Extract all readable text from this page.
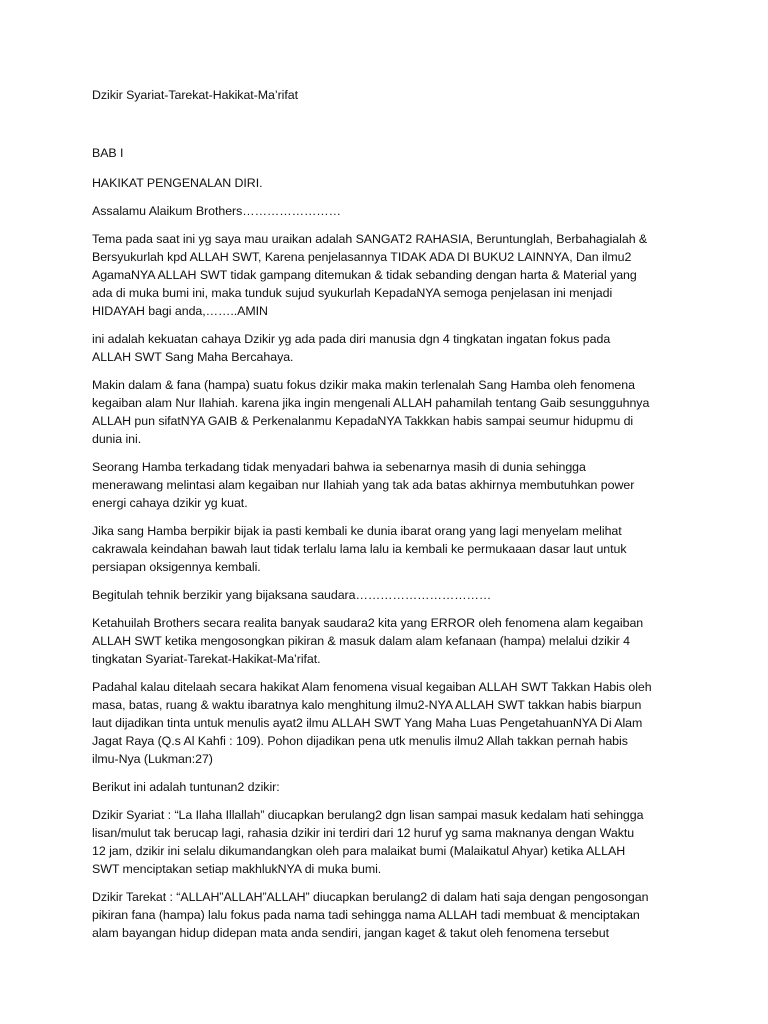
Dzikir Syariat-Tarekat-Hakikat-Ma’rifat
BAB I
HAKIKAT PENGENALAN DIRI.
Assalamu Alaikum Brothers……………………
Tema pada saat ini yg saya mau uraikan adalah SANGAT2 RAHASIA, Beruntunglah, Berbahagialah &
Bersyukurlah kpd ALLAH SWT, Karena penjelasannya TIDAK ADA DI BUKU2 LAINNYA, Dan ilmu2
AgamaNYA ALLAH SWT tidak gampang ditemukan & tidak sebanding dengan harta & Material yang
ada di muka bumi ini, maka tunduk sujud syukurlah KepadaNYA semoga penjelasan ini menjadi
HIDAYAH bagi anda,……..AMIN
ini adalah kekuatan cahaya Dzikir yg ada pada diri manusia dgn 4 tingkatan ingatan fokus pada
ALLAH SWT Sang Maha Bercahaya.
Makin dalam & fana (hampa) suatu fokus dzikir maka makin terlenalah Sang Hamba oleh fenomena
kegaiban alam Nur Ilahiah. karena jika ingin mengenali ALLAH pahamilah tentang Gaib sesungguhnya
ALLAH pun sifatNYA GAIB & Perkenalanmu KepadaNYA Takkkan habis sampai seumur hidupmu di
dunia ini.
Seorang Hamba terkadang tidak menyadari bahwa ia sebenarnya masih di dunia sehingga
menerawang melintasi alam kegaiban nur Ilahiah yang tak ada batas akhirnya membutuhkan power
energi cahaya dzikir yg kuat.
Jika sang Hamba berpikir bijak ia pasti kembali ke dunia ibarat orang yang lagi menyelam melihat
cakrawala keindahan bawah laut tidak terlalu lama lalu ia kembali ke permukaaan dasar laut untuk
persiapan oksigennya kembali.
Begitulah tehnik berzikir yang bijaksana saudara……………………………
Ketahuilah Brothers secara realita banyak saudara2 kita yang ERROR oleh fenomena alam kegaiban
ALLAH SWT ketika mengosongkan pikiran & masuk dalam alam kefanaan (hampa) melalui dzikir 4
tingkatan Syariat-Tarekat-Hakikat-Ma’rifat.
Padahal kalau ditelaah secara hakikat Alam fenomena visual kegaiban ALLAH SWT Takkan Habis oleh
masa, batas, ruang & waktu ibaratnya kalo menghitung ilmu2-NYA ALLAH SWT takkan habis biarpun
laut dijadikan tinta untuk menulis ayat2 ilmu ALLAH SWT Yang Maha Luas PengetahuanNYA Di Alam
Jagat Raya (Q.s Al Kahfi : 109). Pohon dijadikan pena utk menulis ilmu2 Allah takkan pernah habis
ilmu-Nya (Lukman:27)
Berikut ini adalah tuntunan2 dzikir:
Dzikir Syariat : “La Ilaha Illallah” diucapkan berulang2 dgn lisan sampai masuk kedalam hati sehingga
lisan/mulut tak berucap lagi, rahasia dzikir ini terdiri dari 12 huruf yg sama maknanya dengan Waktu
12 jam, dzikir ini selalu dikumandangkan oleh para malaikat bumi (Malaikatul Ahyar) ketika ALLAH
SWT menciptakan setiap makhlukNYA di muka bumi.
Dzikir Tarekat : “ALLAH”ALLAH”ALLAH” diucapkan berulang2 di dalam hati saja dengan pengosongan
pikiran fana (hampa) lalu fokus pada nama tadi sehingga nama ALLAH tadi membuat & menciptakan
alam bayangan hidup didepan mata anda sendiri, jangan kaget & takut oleh fenomena tersebut
